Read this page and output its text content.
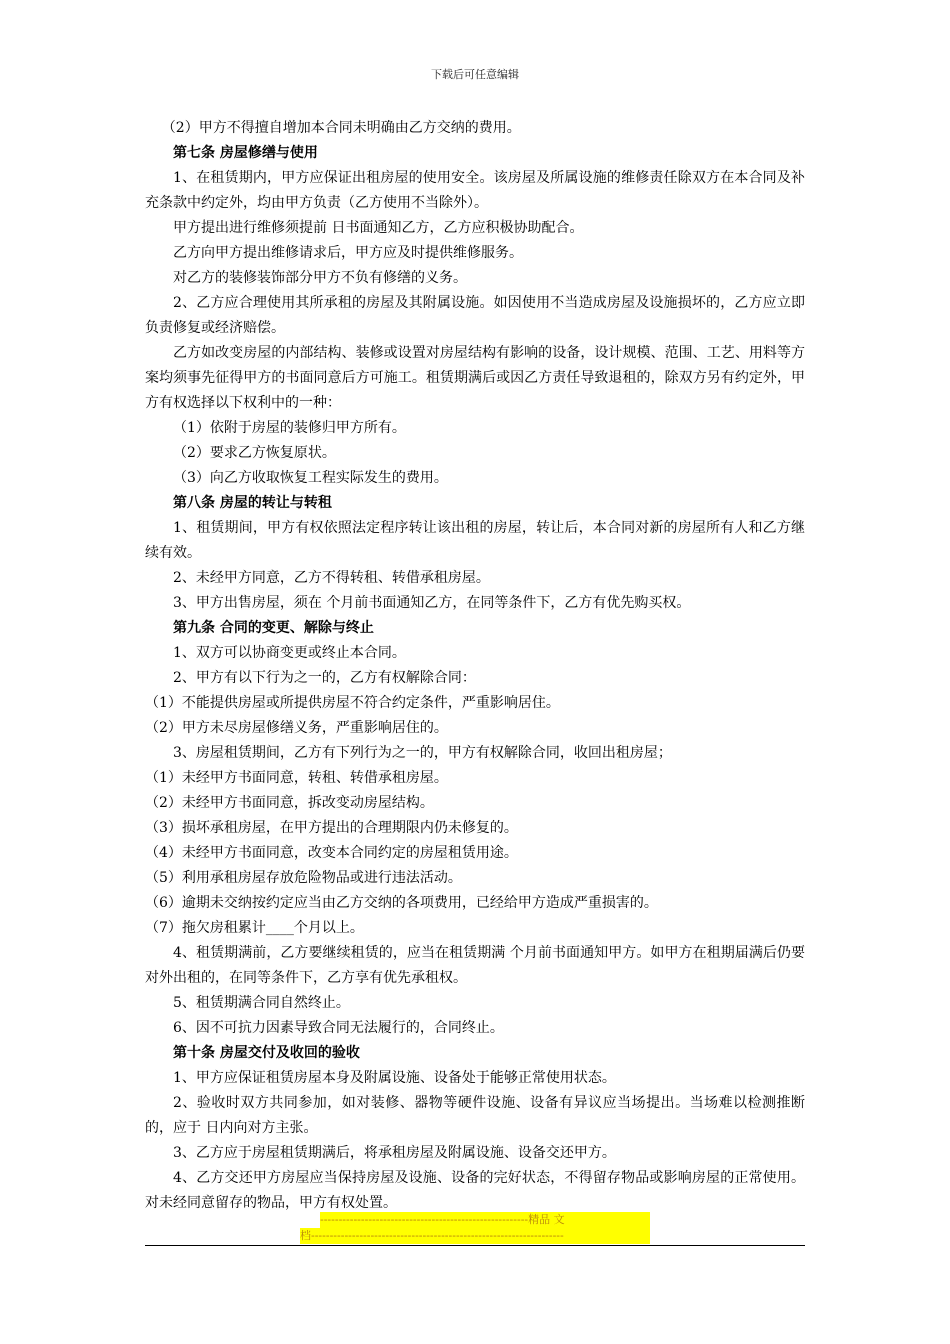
下载后可任意编辑

（2）甲方不得擅自增加本合同未明确由乙方交纳的费用。

第七条 房屋修缮与使用

1、在租赁期内，甲方应保证出租房屋的使用安全。该房屋及所属设施的维修责任除双方在本合同及补充条款中约定外，均由甲方负责（乙方使用不当除外）。

甲方提出进行维修须提前 日书面通知乙方，乙方应积极协助配合。

乙方向甲方提出维修请求后，甲方应及时提供维修服务。

对乙方的装修装饰部分甲方不负有修缮的义务。

2、乙方应合理使用其所承租的房屋及其附属设施。如因使用不当造成房屋及设施损坏的，乙方应立即负责修复或经济赔偿。

乙方如改变房屋的内部结构、装修或设置对房屋结构有影响的设备，设计规模、范围、工艺、用料等方案均须事先征得甲方的书面同意后方可施工。租赁期满后或因乙方责任导致退租的，除双方另有约定外，甲方有权选择以下权利中的一种：

（1）依附于房屋的装修归甲方所有。

（2）要求乙方恢复原状。

（3）向乙方收取恢复工程实际发生的费用。

第八条 房屋的转让与转租

1、租赁期间，甲方有权依照法定程序转让该出租的房屋，转让后，本合同对新的房屋所有人和乙方继续有效。

2、未经甲方同意，乙方不得转租、转借承租房屋。

3、甲方出售房屋，须在 个月前书面通知乙方，在同等条件下，乙方有优先购买权。

第九条 合同的变更、解除与终止

1、双方可以协商变更或终止本合同。

2、甲方有以下行为之一的，乙方有权解除合同：

（1）不能提供房屋或所提供房屋不符合约定条件，严重影响居住。

（2）甲方未尽房屋修缮义务，严重影响居住的。

3、房屋租赁期间，乙方有下列行为之一的，甲方有权解除合同，收回出租房屋；

（1）未经甲方书面同意，转租、转借承租房屋。

（2）未经甲方书面同意，拆改变动房屋结构。

（3）损坏承租房屋，在甲方提出的合理期限内仍未修复的。

（4）未经甲方书面同意，改变本合同约定的房屋租赁用途。

（5）利用承租房屋存放危险物品或进行违法活动。

（6）逾期未交纳按约定应当由乙方交纳的各项费用，已经给甲方造成严重损害的。

（7）拖欠房租累计____个月以上。

4、租赁期满前，乙方要继续租赁的，应当在租赁期满 个月前书面通知甲方。如甲方在租期届满后仍要对外出租的，在同等条件下，乙方享有优先承租权。

5、租赁期满合同自然终止。

6、因不可抗力因素导致合同无法履行的，合同终止。

第十条 房屋交付及收回的验收

1、甲方应保证租赁房屋本身及附属设施、设备处于能够正常使用状态。

2、验收时双方共同参加，如对装修、器物等硬件设施、设备有异议应当场提出。当场难以检测推断的，应于 日内向对方主张。

3、乙方应于房屋租赁期满后，将承租房屋及附属设施、设备交还甲方。

4、乙方交还甲方房屋应当保持房屋及设施、设备的完好状态，不得留存物品或影响房屋的正常使用。对未经同意留存的物品，甲方有权处置。

--------------------------------------------------------精品 文
档--------------------------------------------------------------------
